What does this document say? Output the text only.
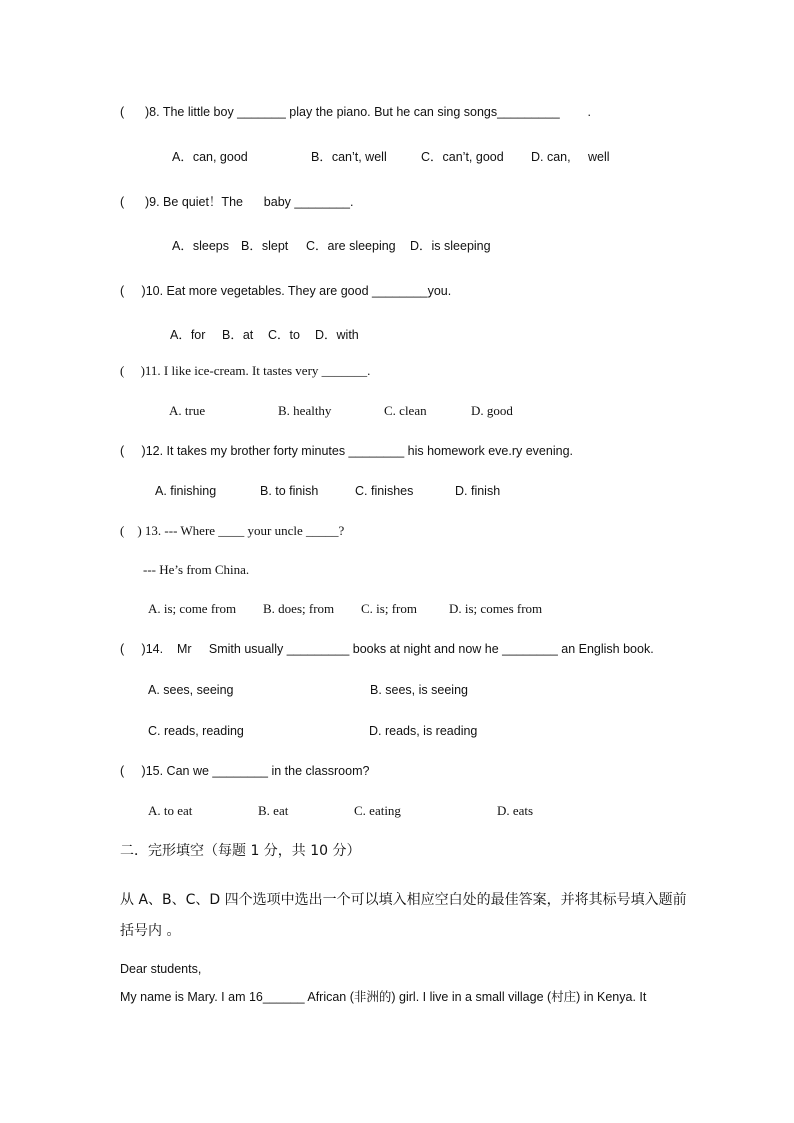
(      )8. The little boy _______ play the piano. But he can sing songs_________        .
A．can, good	B．can’t, well	C．can’t, good D. can,     well
(      )9. Be quiet！The      baby ________.
A．sleeps B．slept C．are sleeping D．is sleeping
(     )10. Eat more vegetables. They are good ________you.
A．for B．at C．to D．with
(     )11. I like ice-cream. It tastes very _______.
A. true	B. healthy	C. clean	D. good
(     )12. It takes my brother forty minutes ________ his homework eve.ry evening.
A. finishing	B. to finish	C. finishes	D. finish
(    ) 13. --- Where ____ your uncle _____?
--- He’s from China.
A. is; come from B. does; from C. is; from D. is; comes from
(     )14.    Mr     Smith usually _________ books at night and now he ________ an English book.
A. sees, seeing	B. sees, is seeing
C. reads, reading	D. reads, is reading
(     )15. Can we ________ in the classroom?
A. to eat	B. eat	C. eating	D. eats
二．完形填空（每题 1 分，共 10 分）
从 A、B、C、D 四个选项中选出一个可以填入相应空白处的最佳答案，并将其标号填入题前
括号内 。
Dear students,
My name is Mary. I am 16______ African (非洲的) girl. I live in a small village (村庄) in Kenya. It
